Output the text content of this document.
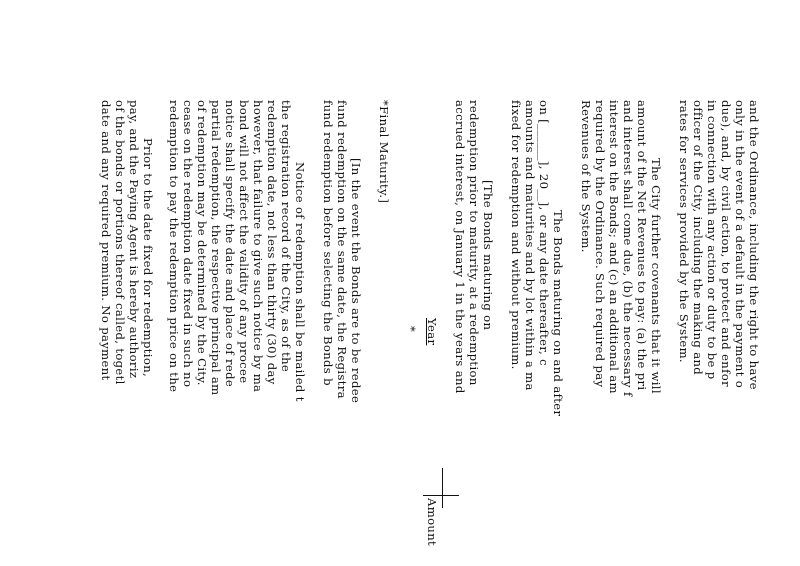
and the Ordinance, including the right to have
only in the event of a default in the payment o
due), and, by civil action, to protect and enfor
in connection with any action or duty to be p
officer of the City, including the making and
rates for services provided by the System.
The City further covenants that it will
amount of the Net Revenues to pay: (a) the pri
and interest shall come due, (b) the necessary f
interest on the Bonds; and (c) an additional am
required by the Ordinance. Such required pay
Revenues of the System.
The Bonds maturing on and after
on [______], 20__], or any date thereafter, c
amounts and maturities and by lot within a ma
fixed for redemption and without premium.
[The Bonds maturing on
redemption prior to maturity, at a redemption
accrued interest, on January 1 in the years and
Year
Amount
*
*Final Maturity.]
[In the event the Bonds are to be redee
fund redemption on the same date, the Registra
fund redemption before selecting the Bonds b
Notice of redemption shall be mailed t
the registration record of the City, as of the
redemption date, not less than thirty (30) day
however, that failure to give such notice by ma
bond will not affect the validity of any procee
notice shall specify the date and place of rede
partial redemption, the respective principal am
of redemption may be determined by the City.
cease on the redemption date fixed in such no
redemption to pay the redemption price on the
Prior to the date fixed for redemption,
pay, and the Paying Agent is hereby authoriz
of the bonds or portions thereof called, togetl
date and any required premium. No payment
